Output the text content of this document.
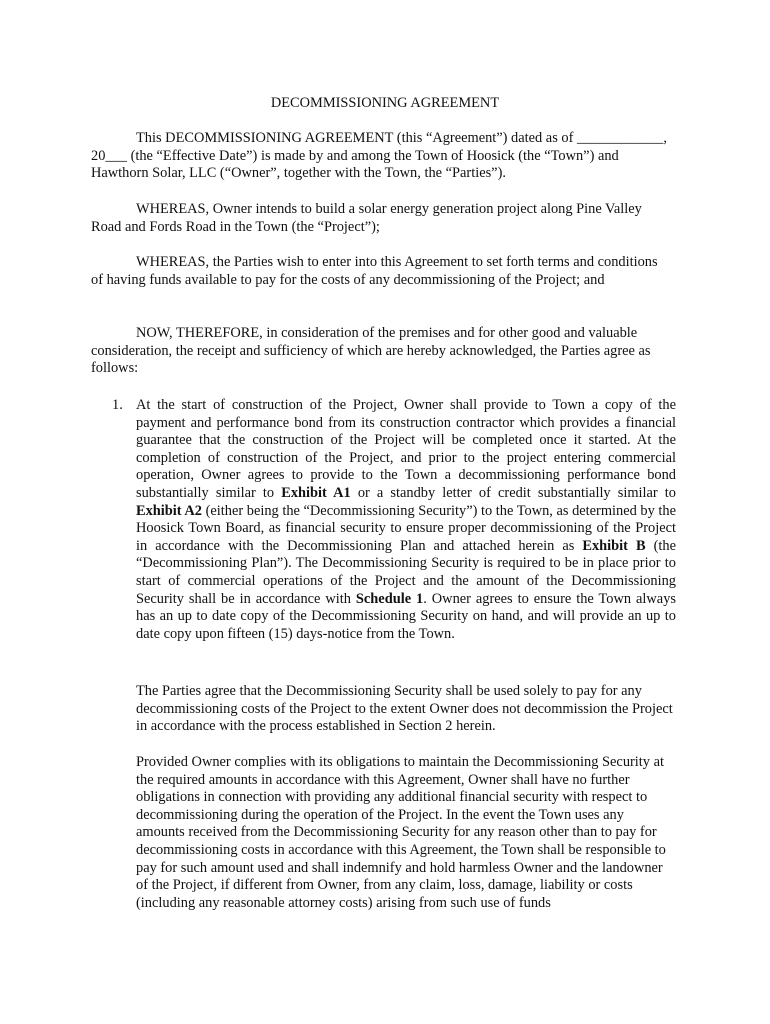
DECOMMISSIONING AGREEMENT
This DECOMMISSIONING AGREEMENT (this “Agreement”) dated as of ____________, 20___ (the “Effective Date”) is made by and among the Town of Hoosick (the “Town”) and Hawthorn Solar, LLC (“Owner”, together with the Town, the “Parties”).
WHEREAS, Owner intends to build a solar energy generation project along Pine Valley Road and Fords Road in the Town (the “Project”);
WHEREAS, the Parties wish to enter into this Agreement to set forth terms and conditions of having funds available to pay for the costs of any decommissioning of the Project; and
NOW, THEREFORE, in consideration of the premises and for other good and valuable consideration, the receipt and sufficiency of which are hereby acknowledged, the Parties agree as follows:
1. At the start of construction of the Project, Owner shall provide to Town a copy of the payment and performance bond from its construction contractor which provides a financial guarantee that the construction of the Project will be completed once it started. At the completion of construction of the Project, and prior to the project entering commercial operation, Owner agrees to provide to the Town a decommissioning performance bond substantially similar to Exhibit A1 or a standby letter of credit substantially similar to Exhibit A2 (either being the “Decommissioning Security”) to the Town, as determined by the Hoosick Town Board, as financial security to ensure proper decommissioning of the Project in accordance with the Decommissioning Plan and attached herein as Exhibit B (the “Decommissioning Plan”). The Decommissioning Security is required to be in place prior to start of commercial operations of the Project and the amount of the Decommissioning Security shall be in accordance with Schedule 1. Owner agrees to ensure the Town always has an up to date copy of the Decommissioning Security on hand, and will provide an up to date copy upon fifteen (15) days-notice from the Town.
The Parties agree that the Decommissioning Security shall be used solely to pay for any decommissioning costs of the Project to the extent Owner does not decommission the Project in accordance with the process established in Section 2 herein.
Provided Owner complies with its obligations to maintain the Decommissioning Security at the required amounts in accordance with this Agreement, Owner shall have no further obligations in connection with providing any additional financial security with respect to decommissioning during the operation of the Project. In the event the Town uses any amounts received from the Decommissioning Security for any reason other than to pay for decommissioning costs in accordance with this Agreement, the Town shall be responsible to pay for such amount used and shall indemnify and hold harmless Owner and the landowner of the Project, if different from Owner, from any claim, loss, damage, liability or costs (including any reasonable attorney costs) arising from such use of funds
